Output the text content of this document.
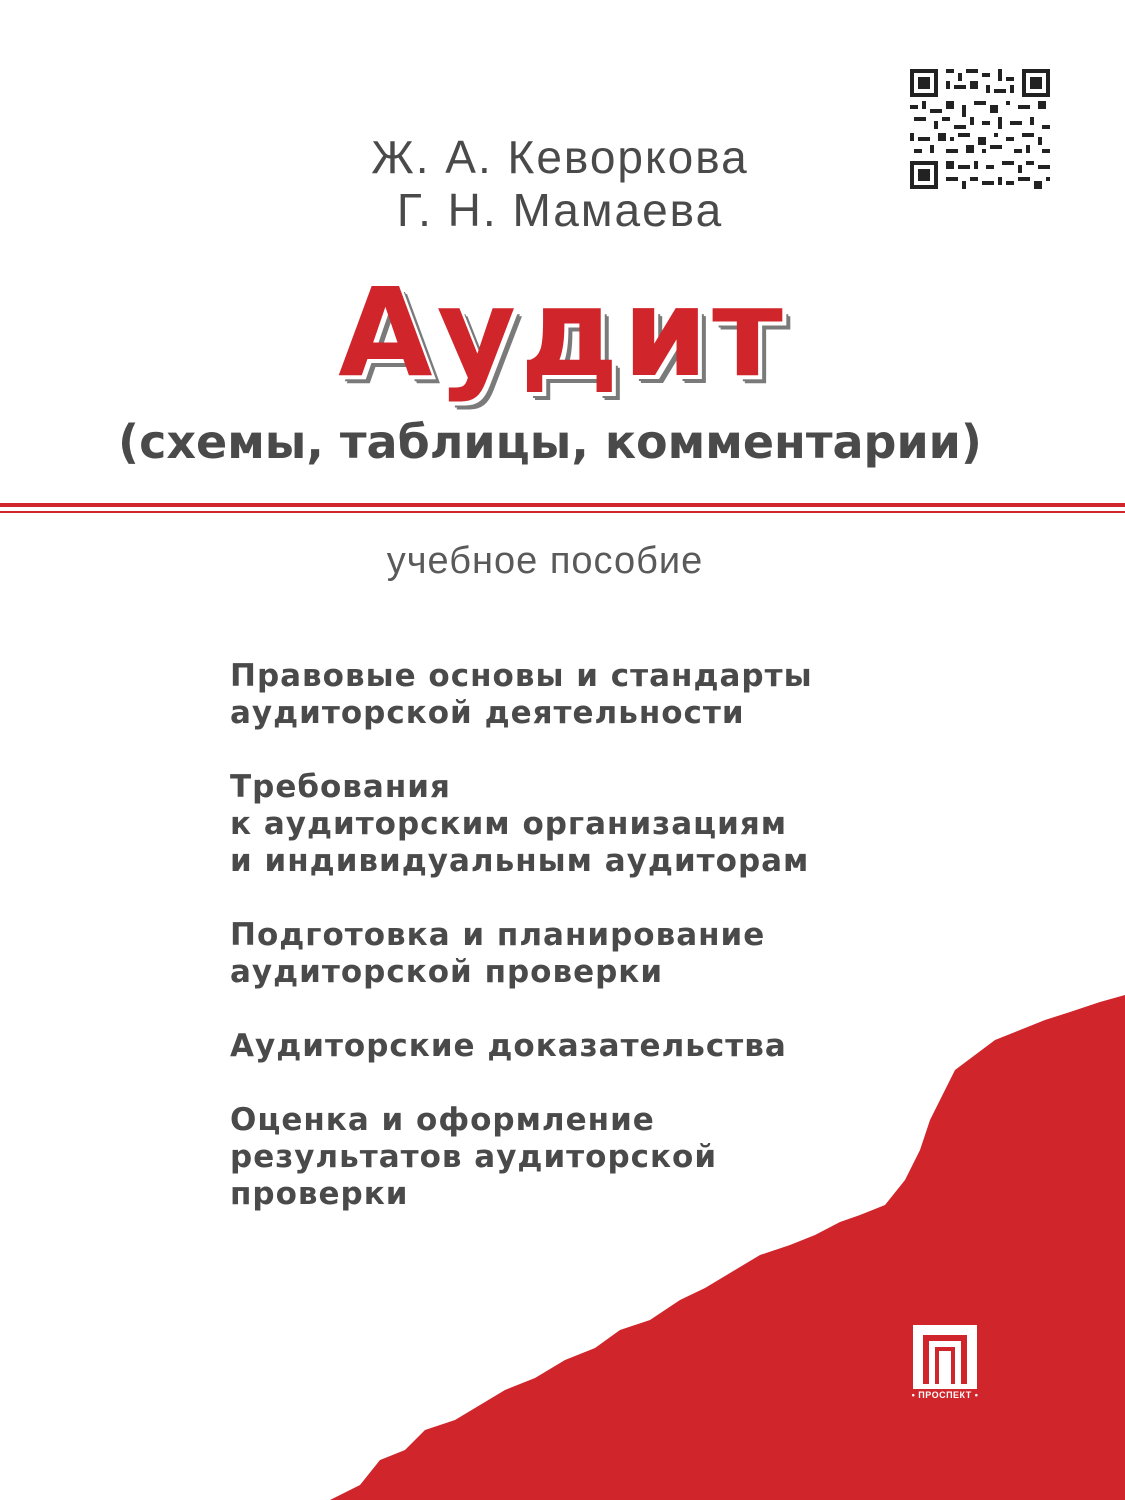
Ж. А. Кеворкова
Г. Н. Мамаева
Аудит
(схемы, таблицы, комментарии)
учебное пособие
Правовые основы и стандарты
аудиторской деятельности
Требования
к аудиторским организациям
и индивидуальным аудиторам
Подготовка и планирование
аудиторской проверки
Аудиторские доказательства
Оценка и оформление
результатов аудиторской
проверки
• ПРОСПЕКТ •
